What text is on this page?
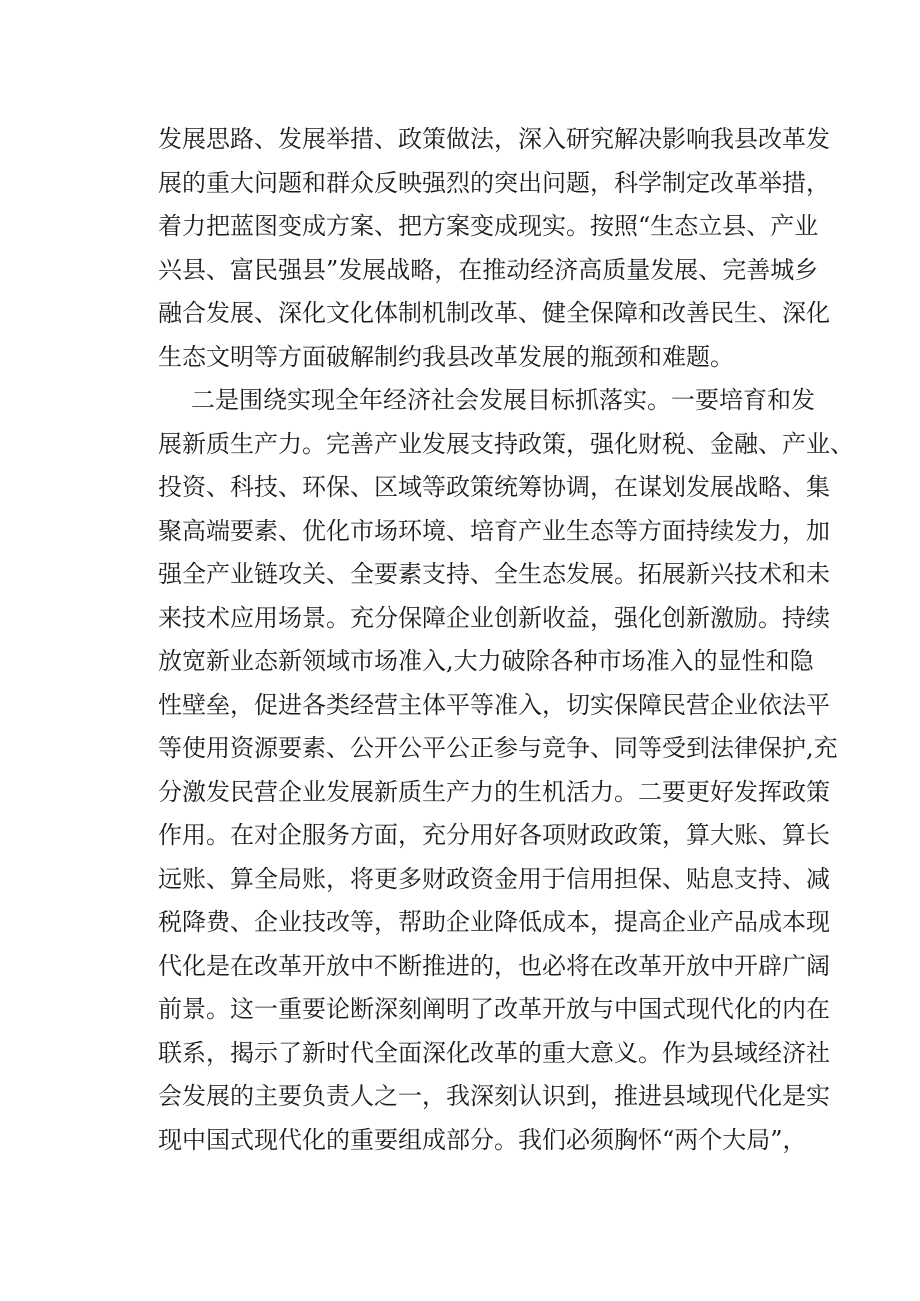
发展思路、发展举措、政策做法，深入研究解决影响我县改革发
展的重大问题和群众反映强烈的突出问题，科学制定改革举措，
着力把蓝图变成方案、把方案变成现实。按照“生态立县、产业
兴县、富民强县”发展战略，在推动经济高质量发展、完善城乡
融合发展、深化文化体制机制改革、健全保障和改善民生、深化
生态文明等方面破解制约我县改革发展的瓶颈和难题。
二是围绕实现全年经济社会发展目标抓落实。一要培育和发
展新质生产力。完善产业发展支持政策，强化财税、金融、产业、
投资、科技、环保、区域等政策统筹协调，在谋划发展战略、集
聚高端要素、优化市场环境、培育产业生态等方面持续发力，加
强全产业链攻关、全要素支持、全生态发展。拓展新兴技术和未
来技术应用场景。充分保障企业创新收益，强化创新激励。持续
放宽新业态新领域市场准入,大力破除各种市场准入的显性和隐
性壁垒，促进各类经营主体平等准入，切实保障民营企业依法平
等使用资源要素、公开公平公正参与竞争、同等受到法律保护,充
分激发民营企业发展新质生产力的生机活力。二要更好发挥政策
作用。在对企服务方面，充分用好各项财政政策，算大账、算长
远账、算全局账，将更多财政资金用于信用担保、贴息支持、减
税降费、企业技改等，帮助企业降低成本，提高企业产品成本现
代化是在改革开放中不断推进的，也必将在改革开放中开辟广阔
前景。这一重要论断深刻阐明了改革开放与中国式现代化的内在
联系，揭示了新时代全面深化改革的重大意义。作为县域经济社
会发展的主要负责人之一，我深刻认识到，推进县域现代化是实
现中国式现代化的重要组成部分。我们必须胸怀“两个大局”，
